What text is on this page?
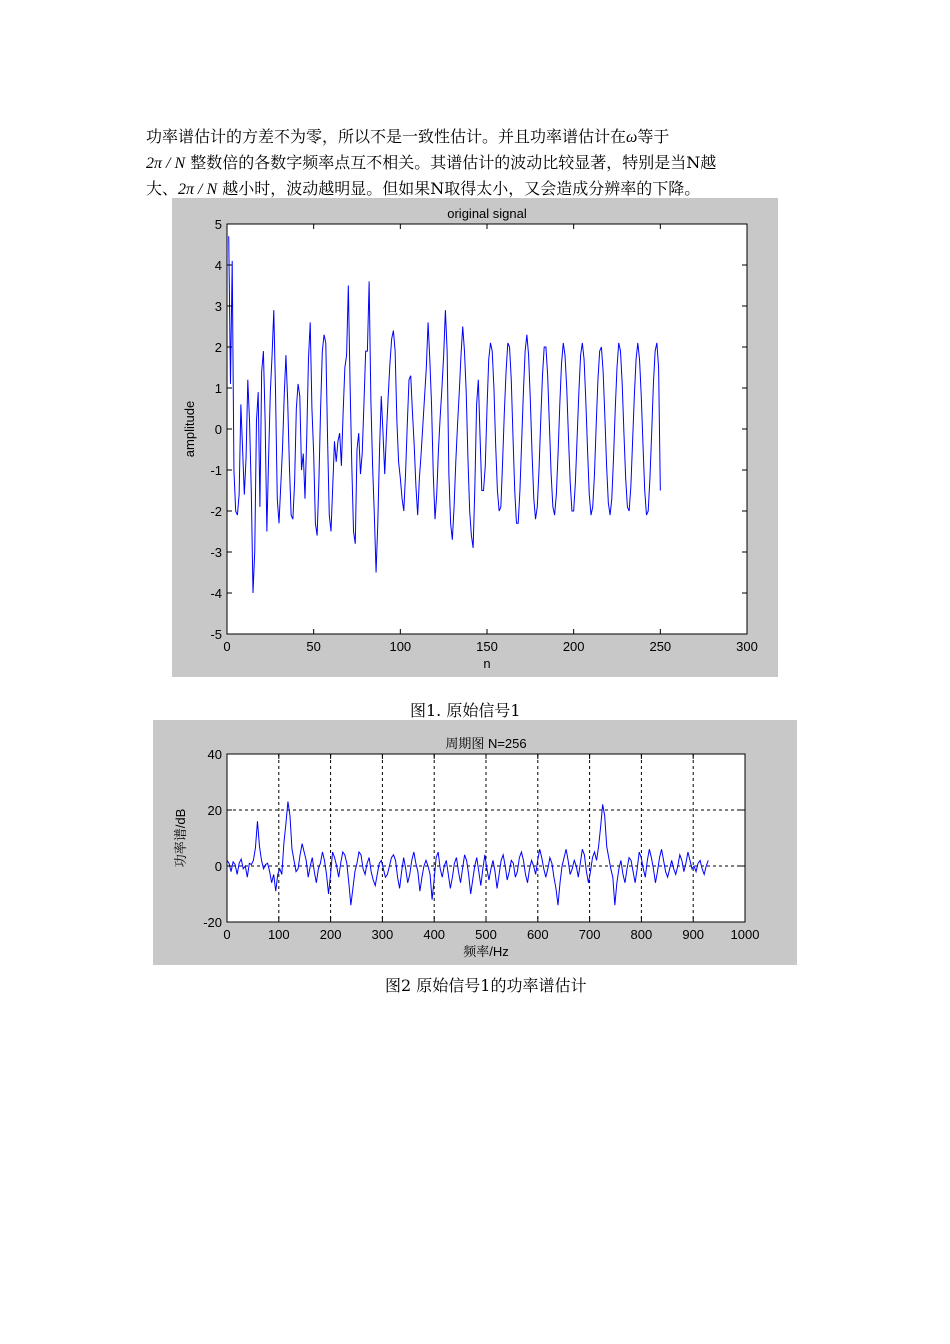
功率谱估计的方差不为零，所以不是一致性估计。并且功率谱估计在ω等于

2π / N 整数倍的各数字频率点互不相关。其谱估计的波动比较显著，特别是当N越

大、2π / N 越小时，波动越明显。但如果N取得太小，又会造成分辨率的下降。

0	50	100	150	200	250	300
-5
-4
-3
-2
-1
0
1
2
3
4
5
original signal
n
amplitude
图1. 原始信号1
0	100 200 300 400 500 600 700 800 900 1000
-20
0
20
40
周期图 N=256
频率/Hz
功率谱/dB
图2 原始信号1的功率谱估计
